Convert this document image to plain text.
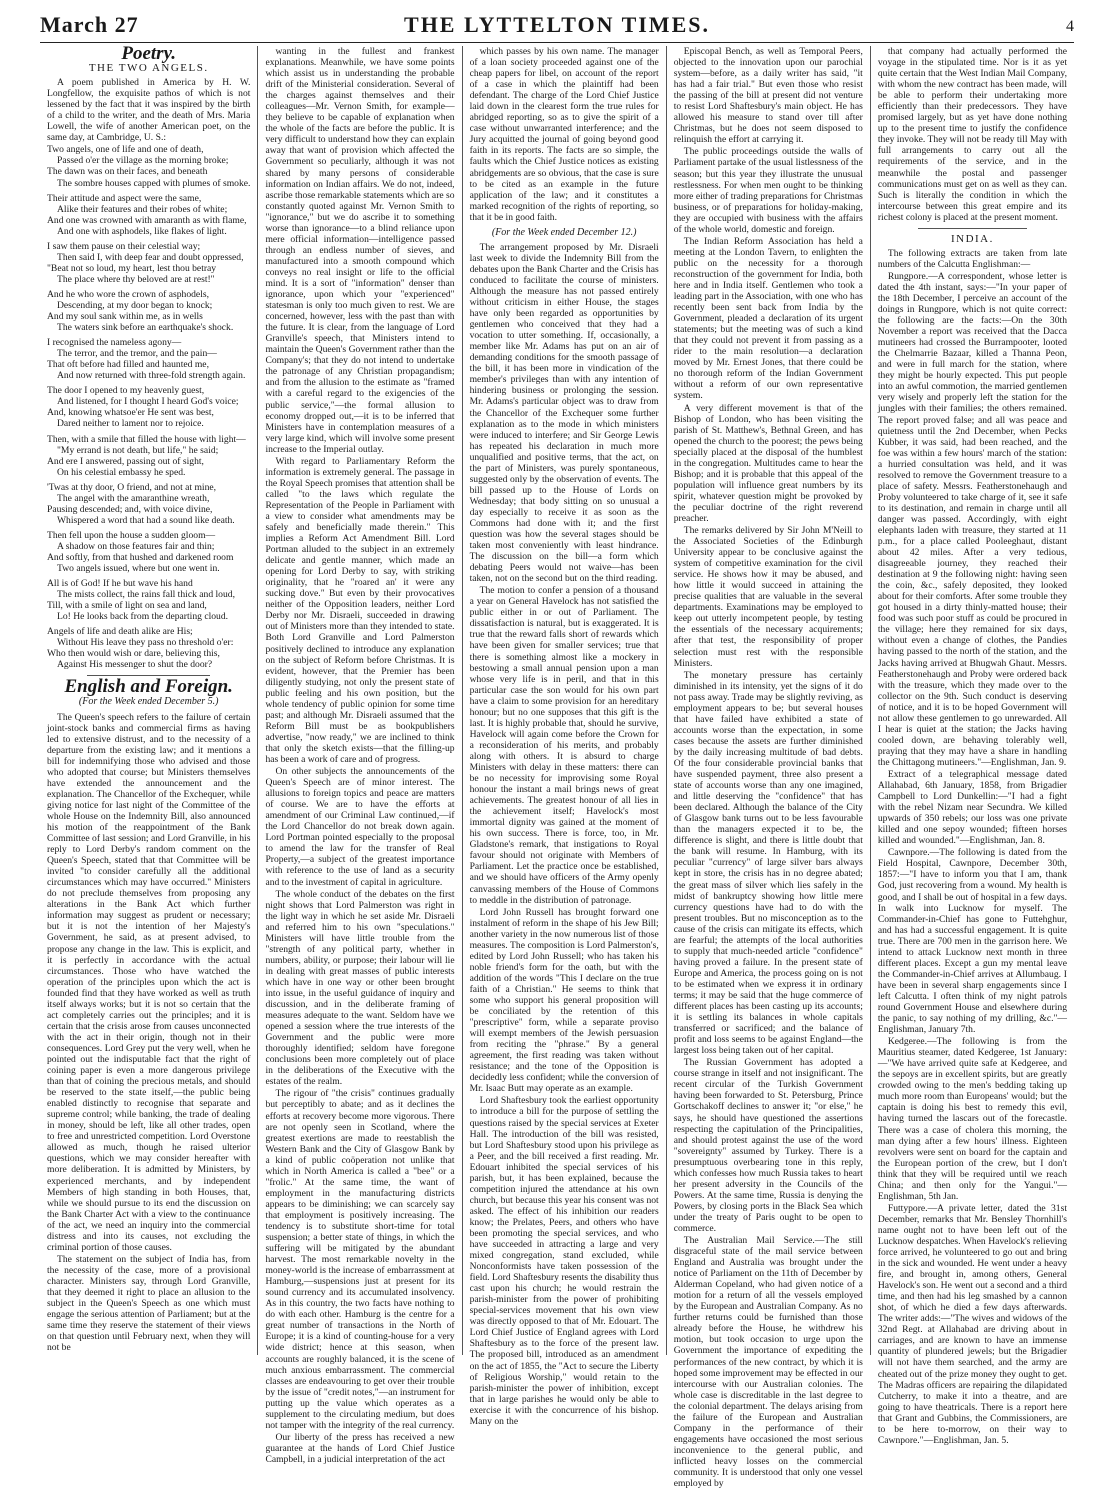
March 27	THE LYTTELTON TIMES.	4
Poetry.
THE TWO ANGELS.

A poem published in America by H. W. Longfellow, the exquisite pathos of which is not lessened by the fact that it was inspired by the birth of a child to the writer, and the death of Mrs. Maria Lowell, the wife of another American poet, on the same day, at Cambridge, U. S.:

Two angels, one of life and one of death,
Passed o'er the village as the morning broke;
The dawn was on their faces, and beneath
The sombre houses capped with plumes of smoke.
Their attitude and aspect were the same,
Alike their features and their robes of white;
And one was crowned with amaranth as with flame,
And one with asphodels, like flakes of light.
I saw them pause on their celestial way;
Then said I, with deep fear and doubt oppressed,
"Beat not so loud, my heart, lest thou betray
The place where thy beloved are at rest!"
And he who wore the crown of asphodels,
Descending, at my door began to knock;
And my soul sank within me, as in wells
The waters sink before an earthquake's shock.
I recognised the nameless agony—
The terror, and the tremor, and the pain—
That oft before had filled and haunted me,
And now returned with three-fold strength again.
The door I opened to my heavenly guest,
And listened, for I thought I heard God's voice;
And, knowing whatsoe'er He sent was best,
Dared neither to lament nor to rejoice.
Then, with a smile that filled the house with light—
"My errand is not death, but life," he said;
And ere I answered, passing out of sight,
On his celestial embassy he sped.
'Twas at thy door, O friend, and not at mine,
The angel with the amaranthine wreath,
Pausing descended; and, with voice divine,
Whispered a word that had a sound like death.
Then fell upon the house a sudden gloom—
A shadow on those features fair and thin;
And softly, from that hushed and darkened room
Two angels issued, where but one went in.
All is of God! If he but wave his hand
The mists collect, the rains fall thick and loud,
Till, with a smile of light on sea and land,
Lo! He looks back from the departing cloud.
Angels of life and death alike are His;
Without His leave they pass no threshold o'er:
Who then would wish or dare, believing this,
Against His messenger to shut the door?
English and Foreign.
(For the Week ended December 5.)

The Queen's speech refers to the failure of certain joint-stock banks and commercial firms as having led to extensive distrust, and to the necessity of a departure from the existing law; and it mentions a bill for indemnifying those who advised and those who adopted that course; but Ministers themselves have extended the announcement and the explanation. The Chancellor of the Exchequer, while giving notice for last night of the Committee of the whole House on the Indemnity Bill, also announced his motion of the reappointment of the Bank Committee of last session; and Lord Granville, in his reply to Lord Derby's random comment on the Queen's Speech, stated that that Committee will be invited "to consider carefully all the additional circumstances which may have occurred." Ministers do not preclude themselves from proposing any alterations in the Bank Act which further information may suggest as prudent or necessary; but it is not the intention of her Majesty's Government, he said, as at present advised, to propose any change in the law. This is explicit, and it is perfectly in accordance with the actual circumstances. Those who have watched the operation of the principles upon which the act is founded find that they have worked as well as truth itself always works; but it is not so certain that the act completely carries out the principles; and it is certain that the crisis arose from causes unconnected with the act in their origin, though not in their consequences. Lord Grey put the very well, when he pointed out the indisputable fact that the right of coining paper is even a more dangerous privilege than that of coining the precious metals, and should be reserved to the state itself,—the public being enabled distinctly to recognise that separate and supreme control; while banking, the trade of dealing in money, should be left, like all other trades, open to free and unrestricted competition. Lord Overstone allowed as much, though he raised ulterior questions, which we may consider hereafter with more deliberation. It is admitted by Ministers, by experienced merchants, and by independent Members of high standing in both Houses, that, while we should pursue to its end the discussion on the Bank Charter Act with a view to the continuance of the act, we need an inquiry into the commercial distress and into its causes, not excluding the criminal portion of those causes.

The statement on the subject of India has, from the necessity of the case, more of a provisional character. Ministers say, through Lord Granville, that they deemed it right to place an allusion to the subject in the Queen's Speech as one which must engage the serious attention of Parliament; but at the same time they reserve the statement of their views on that question until February next, when they will not be

wanting in the fullest and frankest explanations. Meanwhile, we have some points which assist us in understanding the probable drift of the Ministerial consideration. Several of the charges against themselves and their colleagues—Mr. Vernon Smith, for example—they believe to be capable of explanation when the whole of the facts are before the public. It is very difficult to understand how they can explain away that want of provision which affected the Government so peculiarly, although it was not shared by many persons of considerable information on Indian affairs. We do not, indeed, ascribe those remarkable statements which are so constantly quoted against Mr. Vernon Smith to "ignorance," but we do ascribe it to something worse than ignorance—to a blind reliance upon mere official information—intelligence passed through an endless number of sieves, and manufactured into a smooth compound which conveys no real insight or life to the official mind. It is a sort of "information" denser than ignorance, upon which your "experienced" statesman is only too much given to rest. We are concerned, however, less with the past than with the future. It is clear, from the language of Lord Granville's speech, that Ministers intend to maintain the Queen's Government rather than the Company's; that they do not intend to undertake the patronage of any Christian propagandism; and from the allusion to the estimate as "framed with a careful regard to the exigencies of the public service,"—the formal allusion to economy dropped out,—it is to be inferred that Ministers have in contemplation measures of a very large kind, which will involve some present increase to the Imperial outlay.

With regard to Parliamentary Reform the information is extremely general. The passage in the Royal Speech promises that attention shall be called "to the laws which regulate the Representation of the People in Parliament with a view to consider what amendments may be safely and beneficially made therein." This implies a Reform Act Amendment Bill. Lord Portman alluded to the subject in an extremely delicate and gentle manner, which made an opening for Lord Derby to say, with striking originality, that he "roared an' it were any sucking dove." But even by their provocatives neither of the Opposition leaders, neither Lord Derby nor Mr. Disraeli, succeeded in drawing out of Ministers more than they intended to state. Both Lord Granville and Lord Palmerston positively declined to introduce any explanation on the subject of Reform before Christmas. It is evident, however, that the Premier has been diligently studying, not only the present state of public feeling and his own position, but the whole tendency of public opinion for some time past; and although Mr. Disraeli assumed that the Reform Bill must be as bookpublishers advertise, "now ready," we are inclined to think that only the sketch exists—that the filling-up has been a work of care and of progress.

On other subjects the announcements of the Queen's Speech are of minor interest. The allusions to foreign topics and peace are matters of course. We are to have the efforts at amendment of our Criminal Law continued,—if the Lord Chancellor do not break down again. Lord Portman pointed especially to the proposal to amend the law for the transfer of Real Property,—a subject of the greatest importance with reference to the use of land as a security and to the investment of capital in agriculture.

The whole conduct of the debates on the first night shows that Lord Palmerston was right in the light way in which he set aside Mr. Disraeli and referred him to his own "speculations." Ministers will have little trouble from the "strength of any political party, whether in numbers, ability, or purpose; their labour will lie in dealing with great masses of public interests which have in one way or other been brought into issue, in the useful guidance of inquiry and discussion, and in the deliberate framing of measures adequate to the want. Seldom have we opened a session where the true interests of the Government and the public were more thoroughly identified; seldom have foregone conclusions been more completely out of place in the deliberations of the Executive with the estates of the realm.

The rigour of "the crisis" continues gradually but perceptibly to abate; and as it declines the efforts at recovery become more vigorous. There are not openly seen in Scotland, where the greatest exertions are made to reestablish the Western Bank and the City of Glasgow Bank by a kind of public coöperation not unlike that which in North America is called a "bee" or a "frolic." At the same time, the want of employment in the manufacturing districts appears to be diminishing; we can scarcely say that employment is positively increasing. The tendency is to substitute short-time for total suspension; a better state of things, in which the suffering will be mitigated by the abundant harvest. The most remarkable novelty in the money-world is the increase of embarrassment at Hamburg,—suspensions just at present for its sound currency and its accumulated insolvency. As in this country, the two facts have nothing to do with each other. Hamburg is the centre for a great number of transactions in the North of Europe; it is a kind of counting-house for a very wide district; hence at this season, when accounts are roughly balanced, it is the scene of much anxious embarrassment. The commercial classes are endeavouring to get over their trouble by the issue of "credit notes,"—an instrument for putting up the value which operates as a supplement to the circulating medium, but does not tamper with the integrity of the real currency.

Our liberty of the press has received a new guarantee at the hands of Lord Chief Justice Campbell, in a judicial interpretation of the act

which passes by his own name. The manager of a loan society proceeded against one of the cheap papers for libel, on account of the report of a case in which the plaintiff had been defendant. The charge of the Lord Chief Justice laid down in the clearest form the true rules for abridged reporting, so as to give the spirit of a case without unwarranted interference; and the Jury acquitted the journal of going beyond good faith in its reports. The facts are so simple, the faults which the Chief Justice notices as existing abridgements are so obvious, that the case is sure to be cited as an example in the future application of the law; and it constitutes a marked recognition of the rights of reporting, so that it be in good faith.

(For the Week ended December 12.)

The arrangement proposed by Mr. Disraeli last week to divide the Indemnity Bill from the debates upon the Bank Charter and the Crisis has conduced to facilitate the course of ministers. Although the measure has not passed entirely without criticism in either House, the stages have only been regarded as opportunities by gentlemen who conceived that they had a vocation to utter something. If, occasionally, a member like Mr. Adams has put on an air of demanding conditions for the smooth passage of the bill, it has been more in vindication of the member's privileges than with any intention of hindering business or prolonging the session. Mr. Adams's particular object was to draw from the Chancellor of the Exchequer some further explanation as to the mode in which ministers were induced to interfere; and Sir George Lewis has repeated his declaration in much more unqualified and positive terms, that the act, on the part of Ministers, was purely spontaneous, suggested only by the observation of events. The bill passed up to the House of Lords on Wednesday; that body sitting on so unusual a day especially to receive it as soon as the Commons had done with it; and the first question was how the several stages should be taken most conveniently with least hindrance. The discussion on the bill—a form which debating Peers would not waive—has been taken, not on the second but on the third reading.

The motion to confer a pension of a thousand a year on General Havelock has not satisfied the public either in or out of Parliament. The dissatisfaction is natural, but is exaggerated. It is true that the reward falls short of rewards which have been given for smaller services; true that there is something almost like a mockery in bestowing a small annual pension upon a man whose very life is in peril, and that in this particular case the son would for his own part have a claim to some provision for an hereditary honour; but no one supposes that this gift is the last. It is highly probable that, should he survive, Havelock will again come before the Crown for a reconsideration of his merits, and probably along with others. It is absurd to charge Ministers with delay in these matters: there can be no necessity for improvising some Royal honour the instant a mail brings news of great achievements. The greatest honour of all lies in the achievement itself; Havelock's most immortal dignity was gained at the moment of his own success. There is force, too, in Mr. Gladstone's remark, that instigations to Royal favour should not originate with Members of Parliament. Let the practice once be established, and we should have officers of the Army openly canvassing members of the House of Commons to meddle in the distribution of patronage.

Lord John Russell has brought forward one instalment of reform in the shape of his Jew Bill; another variety in the now numerous list of those measures. The composition is Lord Palmerston's, edited by Lord John Russell; who has taken his noble friend's form for the oath, but with the addition of the words "This I declare on the true faith of a Christian." He seems to think that some who support his general proposition will be conciliated by the retention of this "prescriptive" form, while a separate proviso will exempt members of the Jewish persuasion from reciting the "phrase." By a general agreement, the first reading was taken without resistance; and the tone of the Opposition is decidedly less confident; while the conversion of Mr. Isaac Butt may operate as an example.

Lord Shaftesbury took the earliest opportunity to introduce a bill for the purpose of settling the questions raised by the special services at Exeter Hall. The introduction of the bill was resisted, but Lord Shaftesbury stood upon his privilege as a Peer, and the bill received a first reading. Mr. Edouart inhibited the special services of his parish, but, it has been explained, because the competition injured the attendance at his own church, but because this year his consent was not asked. The effect of his inhibition our readers know; the Prelates, Peers, and others who have been promoting the special services, and who have succeeded in attracting a large and very mixed congregation, stand excluded, while Nonconformists have taken possession of the field. Lord Shaftesbury resents the disability thus cast upon his church; he would restrain the parish-minister from the power of prohibiting special-services movement that his own view was directly opposed to that of Mr. Edouart. The Lord Chief Justice of England agrees with Lord Shaftesbury as to the force of the present law. The proposed bill, introduced as an amendment on the act of 1855, the "Act to secure the Liberty of Religious Worship," would retain to the parish-minister the power of inhibition, except that in large parishes he would only be able to exercise it with the concurrence of his bishop. Many on the

Episcopal Bench, as well as Temporal Peers, objected to the innovation upon our parochial system—before, as a daily writer has said, "it has had a fair trial." But even those who resist the passing of the bill at present did not venture to resist Lord Shaftesbury's main object. He has allowed his measure to stand over till after Christmas, but he does not seem disposed to relinquish the effort at carrying it.

The public proceedings outside the walls of Parliament partake of the usual listlessness of the season; but this year they illustrate the unusual restlessness. For when men ought to be thinking more either of trading preparations for Christmas business, or of preparations for holiday-making, they are occupied with business with the affairs of the whole world, domestic and foreign.

The Indian Reform Association has held a meeting at the London Tavern, to enlighten the public on the necessity for a thorough reconstruction of the government for India, both here and in India itself. Gentlemen who took a leading part in the Association, with one who has recently been sent back from India by the Government, pleaded a declaration of its urgent statements; but the meeting was of such a kind that they could not prevent it from passing as a rider to the main resolution—a declaration moved by Mr. Ernest Jones, that there could be no thorough reform of the Indian Government without a reform of our own representative system.

A very different movement is that of the Bishop of London, who has been visiting the parish of St. Matthew's, Bethnal Green, and has opened the church to the poorest; the pews being specially placed at the disposal of the humblest in the congregation. Multitudes came to hear the Bishop; and it is probable that this appeal of the population will influence great numbers by its spirit, whatever question might be provoked by the peculiar doctrine of the right reverend preacher.

The remarks delivered by Sir John M'Neill to the Associated Societies of the Edinburgh University appear to be conclusive against the system of competitive examination for the civil service. He shows how it may be abused, and how little it would succeed in attaining the precise qualities that are valuable in the several departments. Examinations may be employed to keep out utterly incompetent people, by testing the essentials of the necessary acquirements; after that test, the responsibility of proper selection must rest with the responsible Ministers.

The monetary pressure has certainly diminished in its intensity, yet the signs of it do not pass away. Trade may be slightly reviving, as employment appears to be; but several houses that have failed have exhibited a state of accounts worse than the expectation, in some cases because the assets are further diminished by the daily increasing multitude of bad debts. Of the four considerable provincial banks that have suspended payment, three also present a state of accounts worse than any one imagined, and little deserving the "confidence" that has been declared. Although the balance of the City of Glasgow bank turns out to be less favourable than the managers expected it to be, the difference is slight, and there is little doubt that the bank will resume. In Hamburg, with its peculiar "currency" of large silver bars always kept in store, the crisis has in no degree abated; the great mass of silver which lies safely in the midst of bankruptcy showing how little mere currency questions have had to do with the present troubles. But no misconception as to the cause of the crisis can mitigate its effects, which are fearful; the attempts of the local authorities to supply that much-needed article "confidence" having proved a failure. In the present state of Europe and America, the process going on is not to be estimated when we express it in ordinary terms; it may be said that the huge commerce of different places has been casting up its accounts; it is settling its balances in whole capitals transferred or sacrificed; and the balance of profit and loss seems to be against England—the largest loss being taken out of her capital.

The Russian Government has adopted a course strange in itself and not insignificant. The recent circular of the Turkish Government having been forwarded to St. Petersburg, Prince Gortschakoff declines to answer it; "or else," he says, he should have questioned the assertions respecting the capitulation of the Principalities, and should protest against the use of the word "sovereignty" assumed by Turkey. There is a presumptuous overbearing tone in this reply, which confesses how much Russia takes to heart her present adversity in the Councils of the Powers. At the same time, Russia is denying the Powers, by closing ports in the Black Sea which under the treaty of Paris ought to be open to commerce.

The Australian Mail Service.—The still disgraceful state of the mail service between England and Australia was brought under the notice of Parliament on the 11th of December by Alderman Copeland, who had given notice of a motion for a return of all the vessels employed by the European and Australian Company. As no further returns could be furnished than those already before the House, he withdrew his motion, but took occasion to urge upon the Government the importance of expediting the performances of the new contract, by which it is hoped some improvement may be effected in our intercourse with our Australian colonies. The whole case is discreditable in the last degree to the colonial department. The delays arising from the failure of the European and Australian Company in the performance of their engagements have occasioned the most serious inconvenience to the general public, and inflicted heavy losses on the commercial community. It is understood that only one vessel employed by

that company had actually performed the voyage in the stipulated time. Nor is it as yet quite certain that the West Indian Mail Company, with whom the new contract has been made, will be able to perform their undertaking more efficiently than their predecessors. They have promised largely, but as yet have done nothing up to the present time to justify the confidence they invoke. They will not be ready till May with full arrangements to carry out all the requirements of the service, and in the meanwhile the postal and passenger communications must get on as well as they can. Such is literally the condition in which the intercourse between this great empire and its richest colony is placed at the present moment.

INDIA.

The following extracts are taken from late numbers of the Calcutta Englishman:—

Rungpore.—A correspondent, whose letter is dated the 4th instant, says:—"In your paper of the 18th December, I perceive an account of the doings in Rungpore, which is not quite correct: the following are the facts:—On the 30th November a report was received that the Dacca mutineers had crossed the Burrampooter, looted the Chelmarrie Bazaar, killed a Thanna Peon, and were in full march for the station, where they might be hourly expected. This put people into an awful commotion, the married gentlemen very wisely and properly left the station for the jungles with their families; the others remained. The report proved false; and all was peace and quietness until the 2nd December, when Pecks Kubber, it was said, had been reached, and the foe was within a few hours' march of the station: a hurried consultation was held, and it was resolved to remove the Government treasure to a place of safety. Messrs. Featherstonehaugh and Proby volunteered to take charge of it, see it safe to its destination, and remain in charge until all danger was passed. Accordingly, with eight elephants laden with treasure, they started at 11 p.m., for a place called Pooleeghaut, distant about 42 miles. After a very tedious, disagreeable journey, they reached their destination at 9 the following night: having seen the coin, &c., safely deposited, they looked about for their comforts. After some trouble they got housed in a dirty thinly-matted house; their food was such poor stuff as could be procured in the village; here they remained for six days, without even a change of clothes, the Pandies having passed to the north of the station, and the Jacks having arrived at Bhugwah Ghaut. Messrs. Featherstonehaugh and Proby were ordered back with the treasure, which they made over to the collector on the 9th. Such conduct is deserving of notice, and it is to be hoped Government will not allow these gentlemen to go unrewarded. All I hear is quiet at the station; the Jacks having cooled down, are behaving tolerably well, praying that they may have a share in handling the Chittagong mutineers."—Englishman, Jan. 9.

Extract of a telegraphical message dated Allahabad, 6th January, 1858, from Brigadier Campbell to Lord Dunkellin:—"I had a fight with the rebel Nizam near Secundra. We killed upwards of 350 rebels; our loss was one private killed and one sepoy wounded; fifteen horses killed and wounded."—Englishman, Jan. 8.

Cawnpore.—The following is dated from the Field Hospital, Cawnpore, December 30th, 1857:—"I have to inform you that I am, thank God, just recovering from a wound. My health is good, and I shall be out of hospital in a few days. In walk into Lucknow for myself. The Commander-in-Chief has gone to Futtehghur, and has had a successful engagement. It is quite true. There are 700 men in the garrison here. We intend to attack Lucknow next month in three different places. Except a gun my mental leave the Commander-in-Chief arrives at Allumbaug. I have been in several sharp engagements since I left Calcutta. I often think of my night patrols round Government House and elsewhere during the panic, to say nothing of my drilling, &c."—Englishman, January 7th.

Kedgeree.—The following is from the Mauritius steamer, dated Kedgeree, 1st January:—"We have arrived quite safe at Kedgeree, and the sepoys are in excellent spirits, but are greatly crowded owing to the men's bedding taking up much more room than Europeans' would; but the captain is doing his best to remedy this evil, having turned the lascars out of the forecastle. There was a case of cholera this morning, the man dying after a few hours' illness. Eighteen revolvers were sent on board for the captain and the European portion of the crew, but I don't think that they will be required until we reach China; and then only for the Yangui."—Englishman, 5th Jan.

Futtypore.—A private letter, dated the 31st December, remarks that Mr. Bensley Thornhill's name ought not to have been left out of the Lucknow despatches. When Havelock's relieving force arrived, he volunteered to go out and bring in the sick and wounded. He went under a heavy fire, and brought in, among others, General Havelock's son. He went out a second and a third time, and then had his leg smashed by a cannon shot, of which he died a few days afterwards. The writer adds:—"The wives and widows of the 32nd Regt. at Allahabad are driving about in carriages, and are known to have an immense quantity of plundered jewels; but the Brigadier will not have them searched, and the army are cheated out of the prize money they ought to get. The Madras officers are repairing the dilapidated Cutcherry, to make it into a theatre, and are going to have theatricals. There is a report here that Grant and Gubbins, the Commissioners, are to be here to-morrow, on their way to Cawnpore."—Englishman, Jan. 5.
